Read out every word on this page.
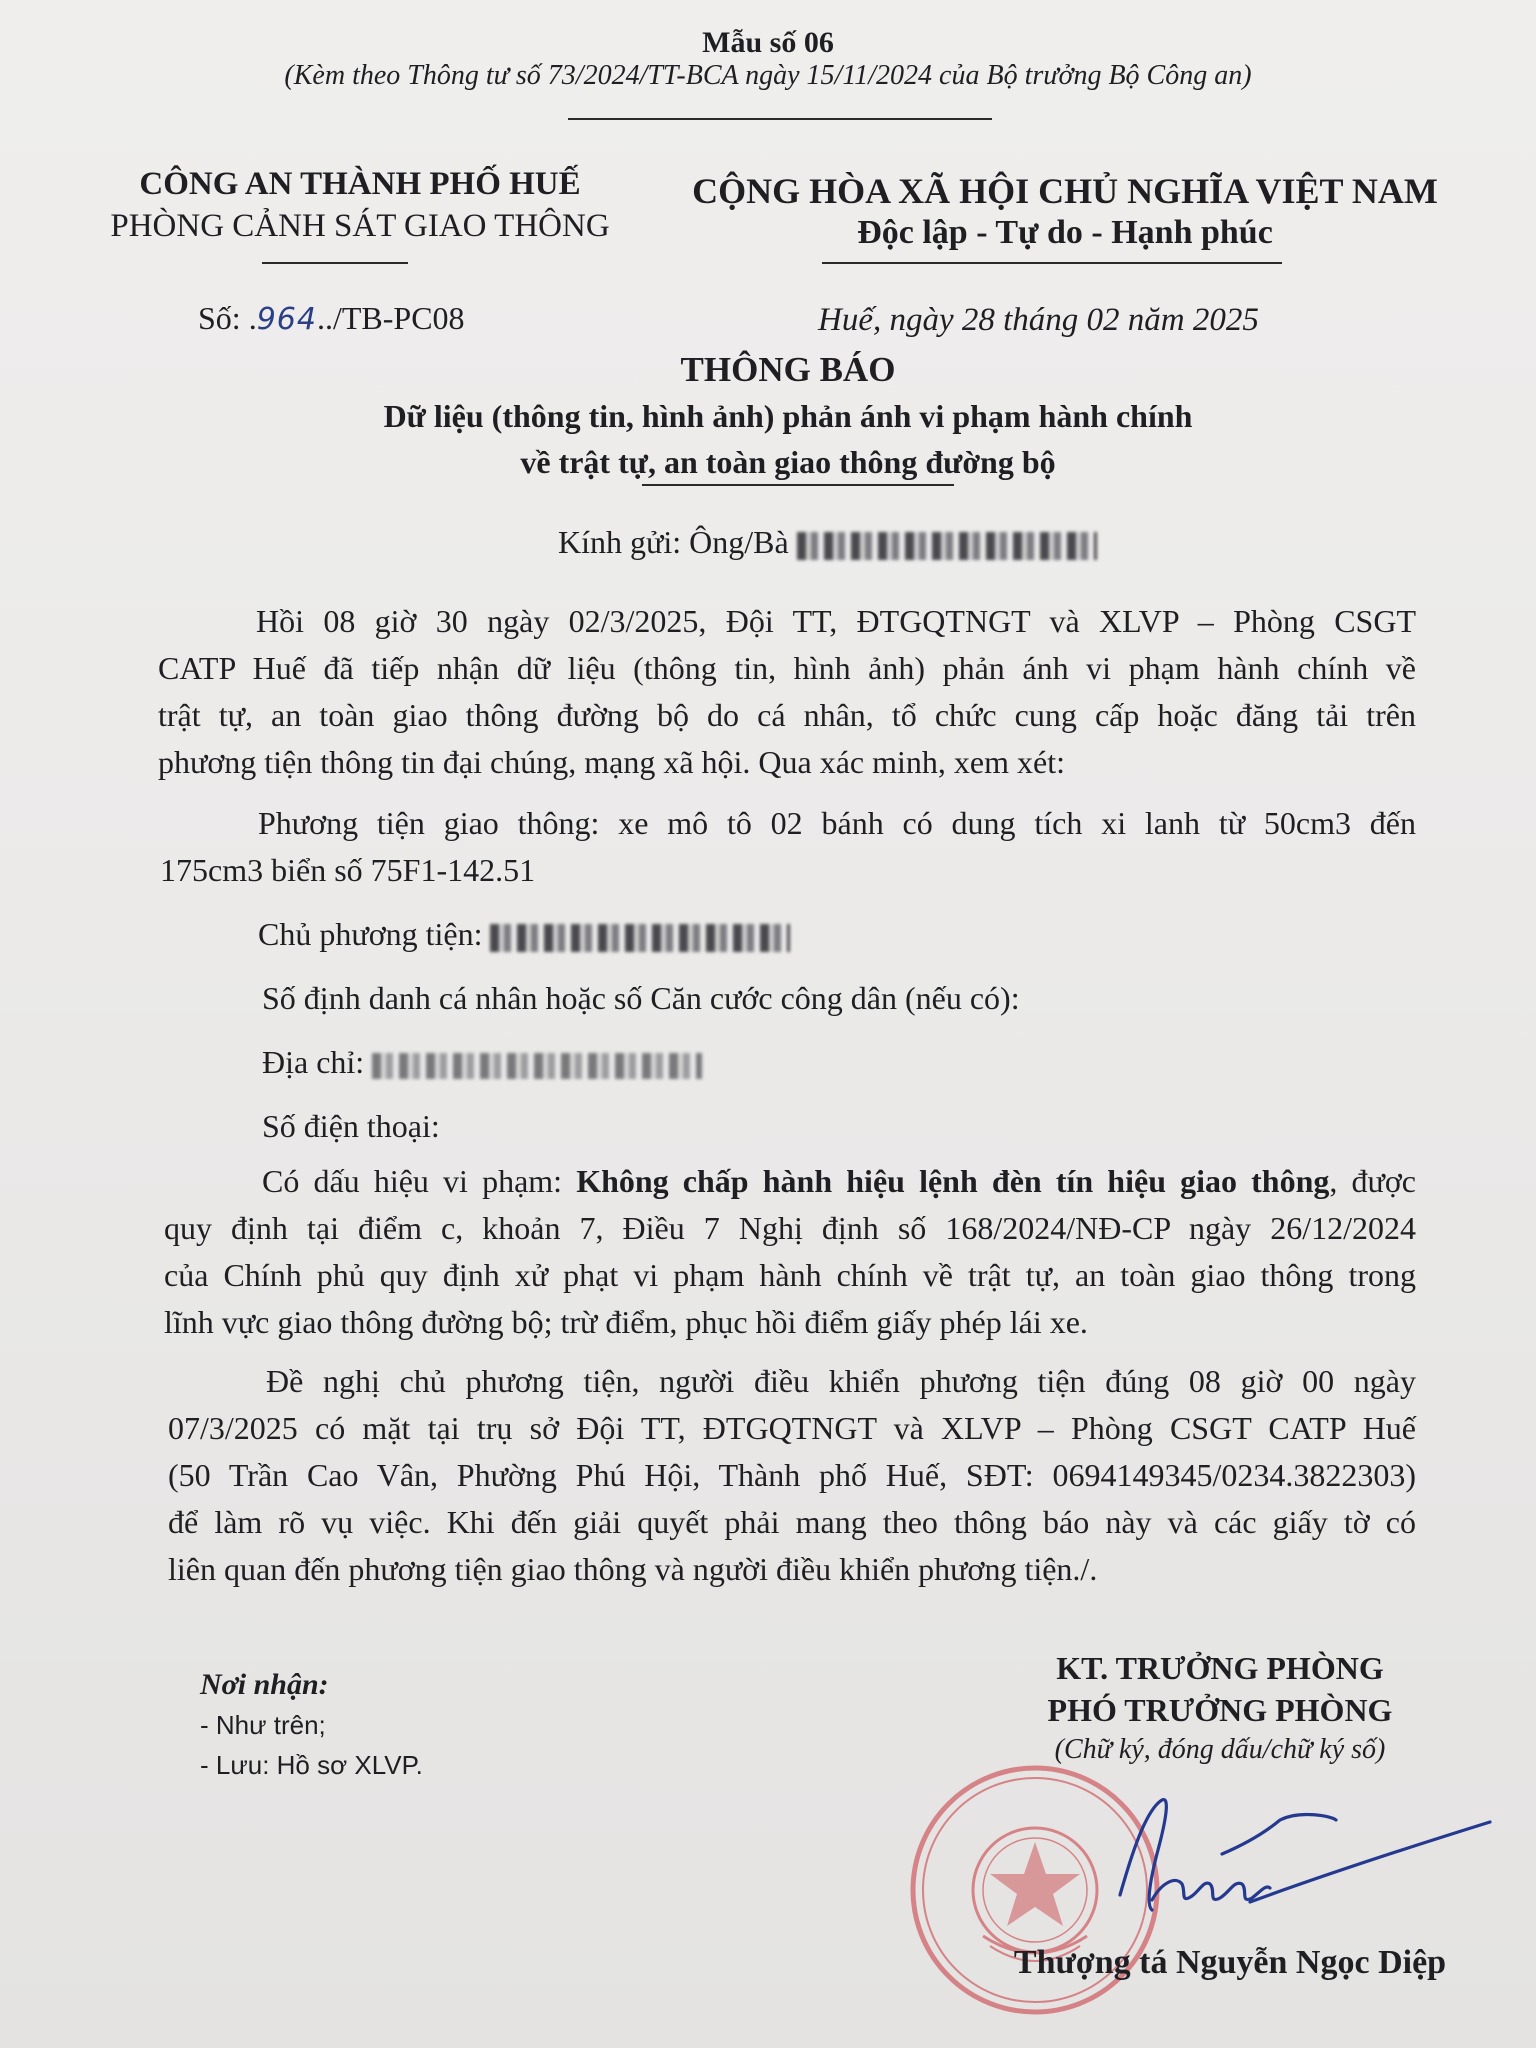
Mẫu số 06
(Kèm theo Thông tư số 73/2024/TT-BCA ngày 15/11/2024 của Bộ trưởng Bộ Công an)
CÔNG AN THÀNH PHỐ HUẾ
PHÒNG CẢNH SÁT GIAO THÔNG
CỘNG HÒA XÃ HỘI CHỦ NGHĨA VIỆT NAM
Độc lập - Tự do - Hạnh phúc
Số: .964../TB-PC08	Huế, ngày 28 tháng 02 năm 2025
THÔNG BÁO
Dữ liệu (thông tin, hình ảnh) phản ánh vi phạm hành chính
về trật tự, an toàn giao thông đường bộ
Kính gửi: Ông/Bà
Hồi 08 giờ 30 ngày 02/3/2025, Đội TT, ĐTGQTNGT và XLVP – Phòng CSGT
CATP Huế đã tiếp nhận dữ liệu (thông tin, hình ảnh) phản ánh vi phạm hành chính về
trật tự, an toàn giao thông đường bộ do cá nhân, tổ chức cung cấp hoặc đăng tải trên
phương tiện thông tin đại chúng, mạng xã hội. Qua xác minh, xem xét:
Phương tiện giao thông: xe mô tô 02 bánh có dung tích xi lanh từ 50cm3 đến
175cm3 biển số 75F1-142.51
Chủ phương tiện:
Số định danh cá nhân hoặc số Căn cước công dân (nếu có):
Địa chỉ:
Số điện thoại:
Có dấu hiệu vi phạm: Không chấp hành hiệu lệnh đèn tín hiệu giao thông, được
quy định tại điểm c, khoản 7, Điều 7 Nghị định số 168/2024/NĐ-CP ngày 26/12/2024
của Chính phủ quy định xử phạt vi phạm hành chính về trật tự, an toàn giao thông trong
lĩnh vực giao thông đường bộ; trừ điểm, phục hồi điểm giấy phép lái xe.
Đề nghị chủ phương tiện, người điều khiển phương tiện đúng 08 giờ 00 ngày
07/3/2025 có mặt tại trụ sở Đội TT, ĐTGQTNGT và XLVP – Phòng CSGT CATP Huế
(50 Trần Cao Vân, Phường Phú Hội, Thành phố Huế, SĐT: 0694149345/0234.3822303)
để làm rõ vụ việc. Khi đến giải quyết phải mang theo thông báo này và các giấy tờ có
liên quan đến phương tiện giao thông và người điều khiển phương tiện./.
Nơi nhận:
- Như trên;
- Lưu: Hồ sơ XLVP.
KT. TRƯỞNG PHÒNG
PHÓ TRƯỞNG PHÒNG
(Chữ ký, đóng dấu/chữ ký số)
Thượng tá Nguyễn Ngọc Diệp
